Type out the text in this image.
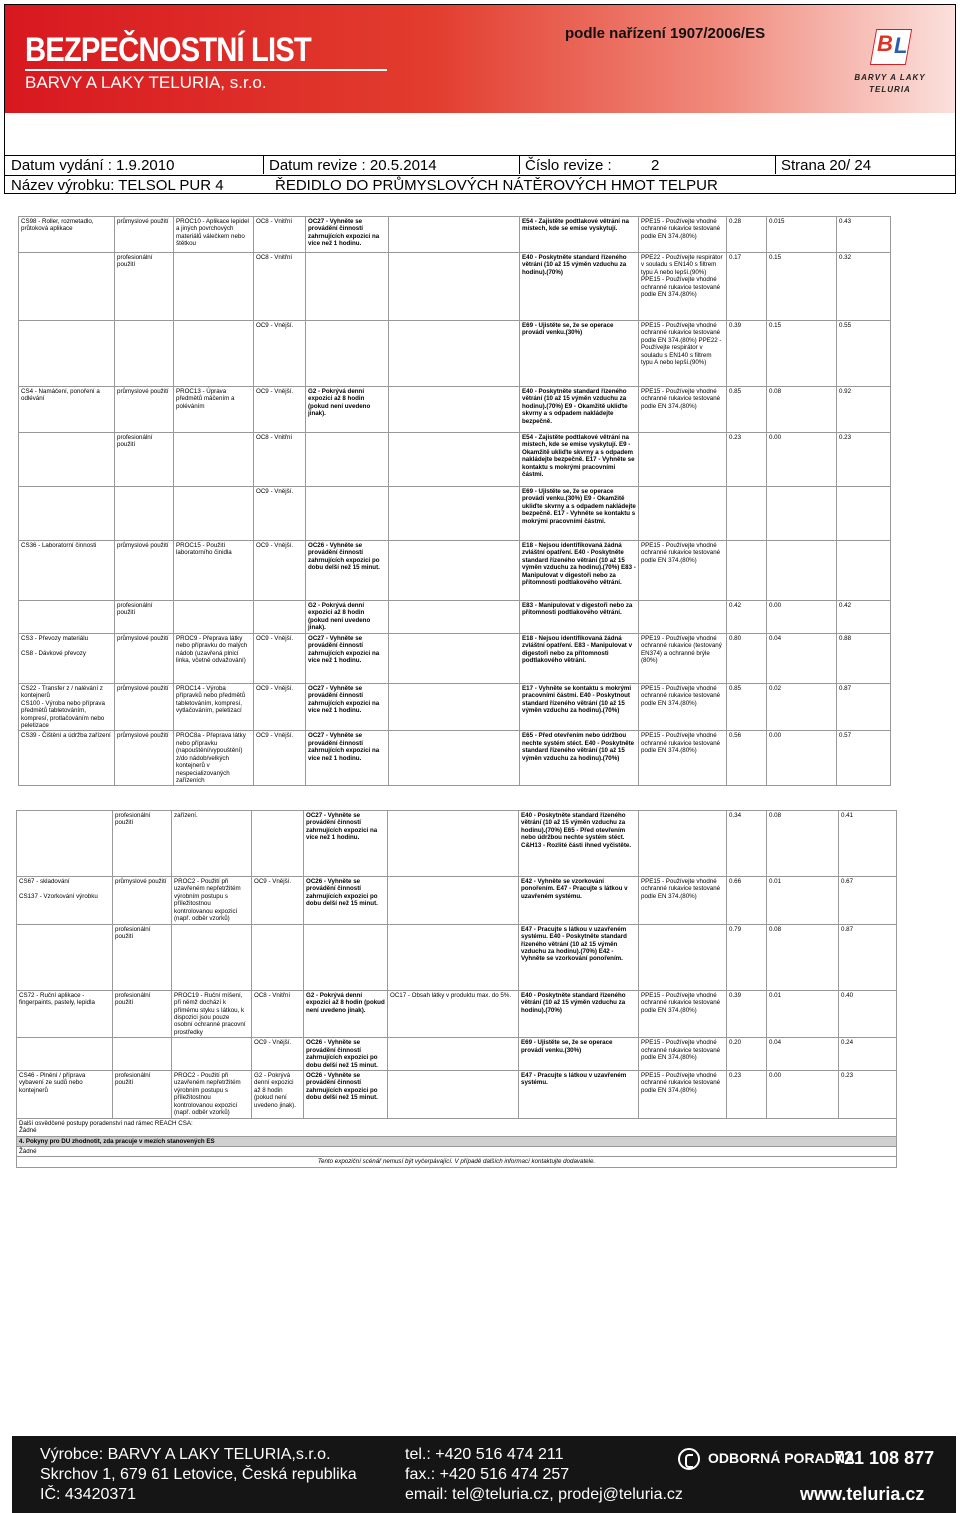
BEZPEČNOSTNÍ LIST
BARVY A LAKY TELURIA, s.r.o.
podle nařízení 1907/2006/ES	B L
BARVY A LAKY
TELURIA
Datum vydání : 1.9.2010	Datum revize : 20.5.2014	Číslo revize :	2	Strana 20/ 24
Název výrobku: TELSOL PUR 4	ŘEDIDLO DO PRŮMYSLOVÝCH NÁTĚROVÝCH HMOT TELPUR
CS98 - Roller, rozmetadlo, průtoková aplikace	průmyslové použití	PROC10 - Aplikace lepidel a jiných povrchových materiálů válečkem nebo štětkou	OC8 - Vnitřní	OC27 - Vyhněte se provádění činností zahrnujících expozici na více než 1 hodinu.		E54 - Zajistěte podtlakové větrání na místech, kde se emise vyskytují.	PPE15 - Používejte vhodné ochranné rukavice testované podle EN 374.(80%)	0.28	0.015	0.43
	profesionální použití		OC8 - Vnitřní			E40 - Poskytněte standard řízeného větrání (10 až 15 výměn vzduchu za hodinu).(70%)	PPE22 - Používejte respirátor v souladu s EN140 s filtrem typu A nebo lepší.(90%) PPE15 - Používejte vhodné ochranné rukavice testované podle EN 374.(80%)	0.17	0.15	0.32
			OC9 - Vnější.			E69 - Ujistěte se, že se operace provádí venku.(30%)	PPE15 - Používejte vhodné ochranné rukavice testované podle EN 374.(80%) PPE22 - Používejte respirátor v souladu s EN140 s filtrem typu A nebo lepší.(90%)	0.39	0.15	0.55
CS4 - Namáčení, ponoření a odlévání	průmyslové použití	PROC13 - Úprava předmětů máčením a poléváním	OC9 - Vnější.	G2 - Pokrývá denní expozici až 8 hodin (pokud není uvedeno jinak).		E40 - Poskytněte standard řízeného větrání (10 až 15 výměn vzduchu za hodinu).(70%) E9 - Okamžitě ukliďte skvrny a s odpadem nakládejte bezpečně.	PPE15 - Používejte vhodné ochranné rukavice testované podle EN 374.(80%)	0.85	0.08	0.92
	profesionální použití		OC8 - Vnitřní			E54 - Zajistěte podtlakové větrání na místech, kde se emise vyskytují. E9 - Okamžitě ukliďte skvrny a s odpadem nakládejte bezpečně. E17 - Vyhněte se kontaktu s mokrými pracovními částmi.		0.23	0.00	0.23
			OC9 - Vnější.			E69 - Ujistěte se, že se operace provádí venku.(30%) E9 - Okamžitě ukliďte skvrny a s odpadem nakládejte bezpečně. E17 - Vyhněte se kontaktu s mokrými pracovními částmi.				
CS36 - Laboratorní činnosti	průmyslové použití	PROC15 - Použití laboratorního činidla	OC9 - Vnější.	OC26 - Vyhněte se provádění činností zahrnujících expozici po dobu delší než 15 minut.		E18 - Nejsou identifikovaná žádná zvláštní opatření. E40 - Poskytněte standard řízeného větrání (10 až 15 výměn vzduchu za hodinu).(70%) E83 - Manipulovat v digestoři nebo za přítomnosti podtlakového větrání.	PPE15 - Používejte vhodné ochranné rukavice testované podle EN 374.(80%)			
	profesionální použití			G2 - Pokrývá denní expozici až 8 hodin (pokud není uvedeno jinak).		E83 - Manipulovat v digestoři nebo za přítomnosti podtlakového větrání.		0.42	0.00	0.42
CS3 - Převozy materiálu

CS8 - Dávkové převozy	průmyslové použití	PROC9 - Přeprava látky nebo přípravku do malých nádob (uzavřená plnicí linka, včetně odvažování)	OC9 - Vnější.	OC27 - Vyhněte se provádění činností zahrnujících expozici na více než 1 hodinu.		E18 - Nejsou identifikovaná žádná zvláštní opatření. E83 - Manipulovat v digestoři nebo za přítomnosti podtlakového větrání.	PPE19 - Používejte vhodné ochranné rukavice (testovaný EN374) a ochranné brýle (80%)	0.80	0.04	0.88
CS22 - Transfer z / nalévání z kontejnerů
CS100 - Výroba nebo příprava předmětů tabletováním, kompresí, protlačováním nebo peletizace	průmyslové použití	PROC14 - Výroba přípravků nebo předmětů tabletováním, kompresí, vytlačováním, peletizací	OC9 - Vnější.	OC27 - Vyhněte se provádění činností zahrnujících expozici na více než 1 hodinu.		E17 - Vyhněte se kontaktu s mokrými pracovními částmi. E40 - Poskytnout standard řízeného větrání (10 až 15 výměn vzduchu za hodinu).(70%)	PPE15 - Používejte vhodné ochranné rukavice testované podle EN 374.(80%)	0.85	0.02	0.87
CS39 - Čištění a údržba zařízení	průmyslové použití	PROC8a - Přeprava látky nebo přípravku (napouštění/vypouštění) z/do nádob/velkých kontejnerů v nespecializovaných zařízeních	OC9 - Vnější.	OC27 - Vyhněte se provádění činností zahrnujících expozici na více než 1 hodinu.		E65 - Před otevřením nebo údržbou nechte systém stéct. E40 - Poskytněte standard řízeného větrání (10 až 15 výměn vzduchu za hodinu).(70%)	PPE15 - Používejte vhodné ochranné rukavice testované podle EN 374.(80%)	0.56	0.00	0.57
	profesionální použití	zařízení.		OC27 - Vyhněte se provádění činností zahrnujících expozici na více než 1 hodinu.		E40 - Poskytněte standard řízeného větrání (10 až 15 výměn vzduchu za hodinu).(70%) E65 - Před otevřením nebo údržbou nechte systém stéct. C&H13 - Rozlité části ihned vyčistěte.		0.34	0.08	0.41
CS67 - skladování

CS137 - Vzorkování výrobku	průmyslové použití	PROC2 - Použití při uzavřeném nepřetržitém výrobním postupu s příležitostnou kontrolovanou expozicí (např. odběr vzorků)	OC9 - Vnější.	OC26 - Vyhněte se provádění činností zahrnujících expozici po dobu delší než 15 minut.		E42 - Vyhněte se vzorkování ponořením. E47 - Pracujte s látkou v uzavřeném systému.	PPE15 - Používejte vhodné ochranné rukavice testované podle EN 374.(80%)	0.66	0.01	0.67
	profesionální použití					E47 - Pracujte s látkou v uzavřeném systému. E40 - Poskytněte standard řízeného větrání (10 až 15 výměn vzduchu za hodinu).(70%) E42 - Vyhněte se vzorkování ponořením.		0.79	0.08	0.87
CS72 - Ruční aplikace - fingerpaints, pastely, lepidla	profesionální použití	PROC19 - Ruční míšení, při němž dochází k přímému styku s látkou, k dispozici jsou pouze osobní ochranné pracovní prostředky	OC8 - Vnitřní	G2 - Pokrývá denní expozici až 8 hodin (pokud není uvedeno jinak).	OC17 - Obsah látky v produktu max. do 5%.	E40 - Poskytněte standard řízeného větrání (10 až 15 výměn vzduchu za hodinu).(70%)	PPE15 - Používejte vhodné ochranné rukavice testované podle EN 374.(80%)	0.39	0.01	0.40
			OC9 - Vnější.	OC26 - Vyhněte se provádění činností zahrnujících expozici po dobu delší než 15 minut.		E69 - Ujistěte se, že se operace provádí venku.(30%)	PPE15 - Používejte vhodné ochranné rukavice testované podle EN 374.(80%)	0.20	0.04	0.24
CS46 - Plnění / příprava vybavení ze sudů nebo kontejnerů	profesionální použití	PROC2 - Použití při uzavřeném nepřetržitém výrobním postupu s příležitostnou kontrolovanou expozicí (např. odběr vzorků)	G2 - Pokrývá denní expozici až 8 hodin (pokud není uvedeno jinak).	OC26 - Vyhněte se provádění činností zahrnujících expozici po dobu delší než 15 minut.		E47 - Pracujte s látkou v uzavřeném systému.	PPE15 - Používejte vhodné ochranné rukavice testované podle EN 374.(80%)	0.23	0.00	0.23
Další osvědčené postupy poradenství nad rámec REACH CSA:
Žádné										
4. Pokyny pro DU zhodnotit, zda pracuje v mezích stanovených ES										
Žádné										
Tento expoziční scénář nemusí být vyčerpávající. V případě dalších informací kontaktujte dodavatele.										
Výrobce: BARVY A LAKY TELURIA,s.r.o.
Skrchov 1, 679 61 Letovice, Česká republika
IČ: 43420371
tel.: +420 516 474 211
fax.: +420 516 474 257
email: tel@teluria.cz, prodej@teluria.cz
ODBORNÁ PORADNA
721 108 877
www.teluria.cz
